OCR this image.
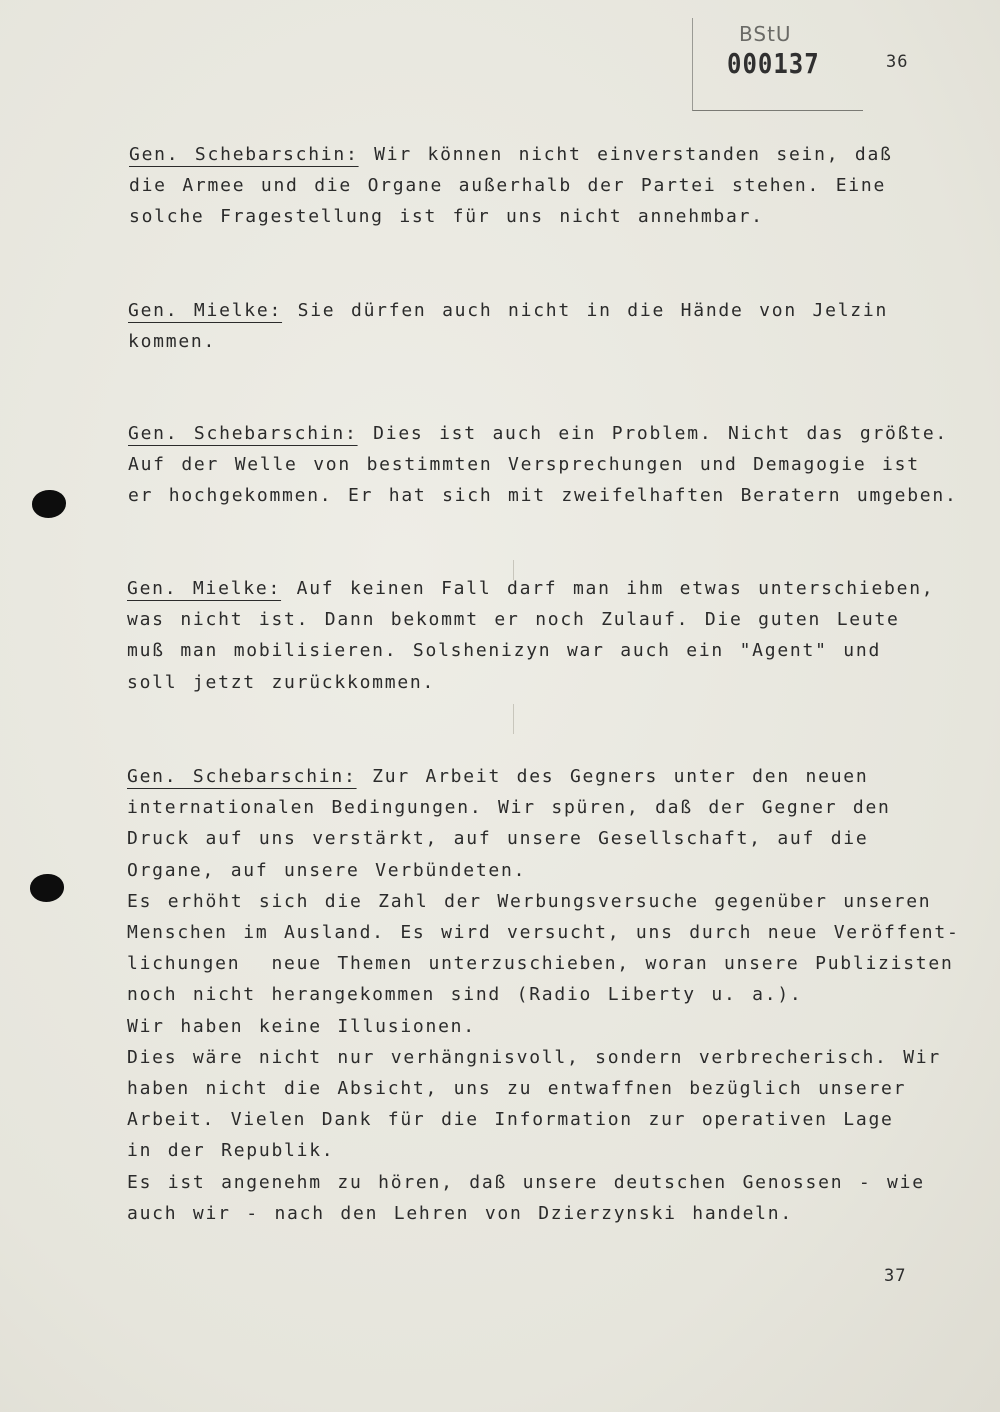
BStU
000137	36
Gen. Schebarschin: Wir können nicht einverstanden sein, daß
die Armee und die Organe außerhalb der Partei stehen. Eine
solche Fragestellung ist für uns nicht annehmbar.
Gen. Mielke: Sie dürfen auch nicht in die Hände von Jelzin
kommen.
Gen. Schebarschin: Dies ist auch ein Problem. Nicht das größte.
Auf der Welle von bestimmten Versprechungen und Demagogie ist
er hochgekommen. Er hat sich mit zweifelhaften Beratern umgeben.
Gen. Mielke: Auf keinen Fall darf man ihm etwas unterschieben,
was nicht ist. Dann bekommt er noch Zulauf. Die guten Leute
muß man mobilisieren. Solshenizyn war auch ein "Agent" und
soll jetzt zurückkommen.
Gen. Schebarschin: Zur Arbeit des Gegners unter den neuen
internationalen Bedingungen. Wir spüren, daß der Gegner den
Druck auf uns verstärkt, auf unsere Gesellschaft, auf die
Organe, auf unsere Verbündeten.
Es erhöht sich die Zahl der Werbungsversuche gegenüber unseren
Menschen im Ausland. Es wird versucht, uns durch neue Veröffent-
lichungen  neue Themen unterzuschieben, woran unsere Publizisten
noch nicht herangekommen sind (Radio Liberty u. a.).
Wir haben keine Illusionen.
Dies wäre nicht nur verhängnisvoll, sondern verbrecherisch. Wir
haben nicht die Absicht, uns zu entwaffnen bezüglich unserer
Arbeit. Vielen Dank für die Information zur operativen Lage
in der Republik.
Es ist angenehm zu hören, daß unsere deutschen Genossen - wie
auch wir - nach den Lehren von Dzierzynski handeln.
37
